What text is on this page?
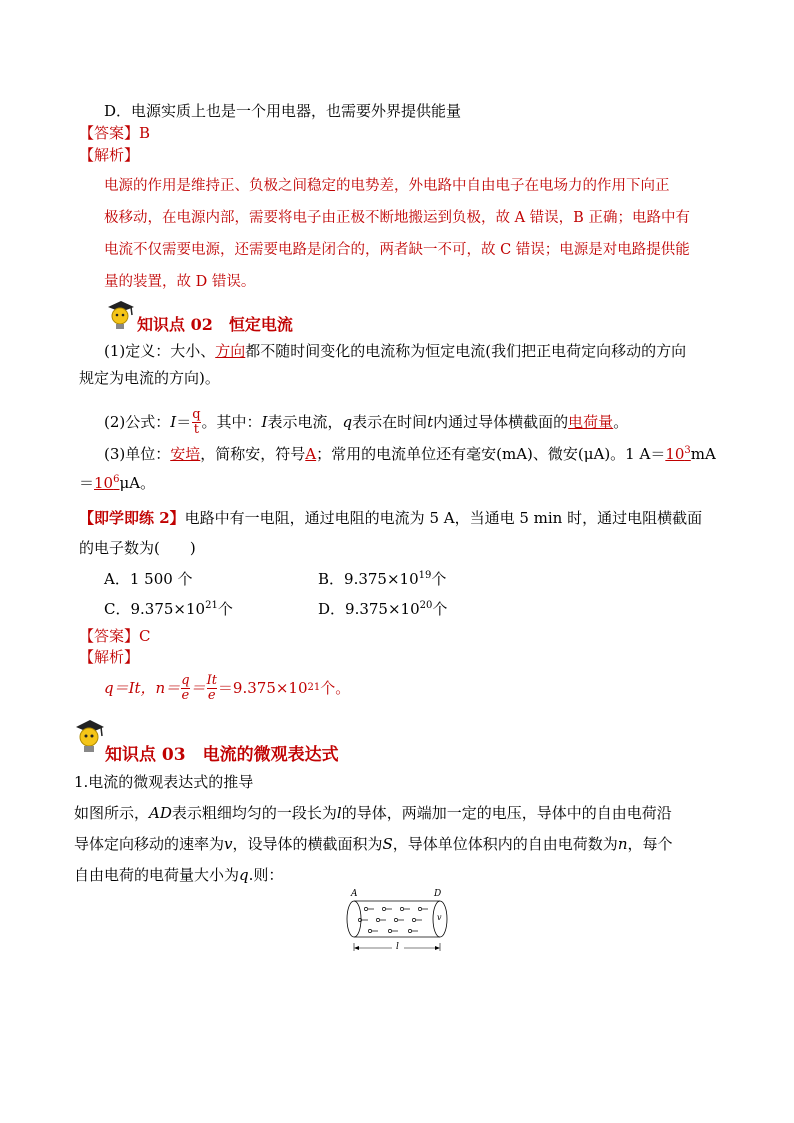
D．电源实质上也是一个用电器，也需要外界提供能量
【答案】B
【解析】
电源的作用是维持正、负极之间稳定的电势差，外电路中自由电子在电场力的作用下向正
极移动，在电源内部，需要将电子由正极不断地搬运到负极，故 A 错误，B 正确；电路中有
电流不仅需要电源，还需要电路是闭合的，两者缺一不可，故 C 错误；电源是对电路提供能
量的装置，故 D 错误。
知识点 02　恒定电流
(1)定义：大小、方向都不随时间变化的电流称为恒定电流(我们把正电荷定向移动的方向
规定为电流的方向)。
(2)公式： $I = \frac{q}{t}$ 。其中： I 表示电流， q 表示在时间 t 内通过导体横截面的 电荷量 。
(3)单位：安培，简称安，符号A；常用的电流单位还有毫安(mA)、微安(μA)。1 $A=10^3mA$
$=10^6\mu A$。
【即学即练 2】电路中有一电阻，通过电阻的电流为 5 A，当通电 5 min 时，通过电阻横截面
的电子数为(　　)
A．1 500 个	B．$9.375\times 10^{19}$个
C．$9.375\times 10^{21}$个	D．$9.375\times 10^{20}$个
【答案】C
【解析】
q＝It，$n= \frac{q}{e} = \frac{It}{e} =9.375\times 10$ 21 个。
知识点 03　电流的微观表达式
1.电流的微观表达式的推导
如图所示，AD表示粗细均匀的一段长为l的导体，两端加一定的电压，导体中的自由电荷沿
导体定向移动的速率为v，设导体的横截面积为S，导体单位体积内的自由电荷数为n，每个
自由电荷的电荷量大小为q.则：
A	D
v
l
